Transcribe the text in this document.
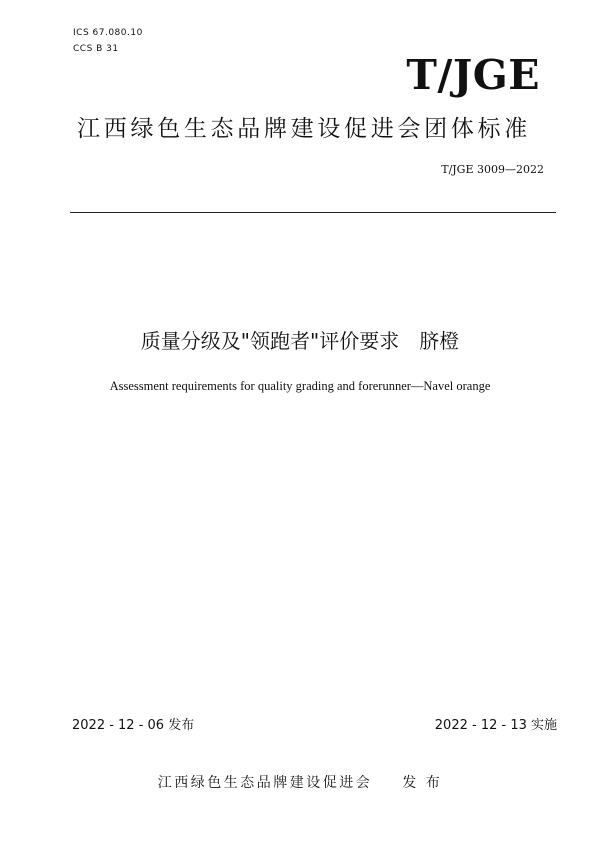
ICS 67.080.10
CCS B 31
T/JGE
江西绿色生态品牌建设促进会团体标准
T/JGE 3009—2022
质量分级及"领跑者"评价要求　脐橙
Assessment requirements for quality grading and forerunner—Navel orange
2022 - 12 - 06 发布	2022 - 12 - 13 实施
江西绿色生态品牌建设促进会 发 布
